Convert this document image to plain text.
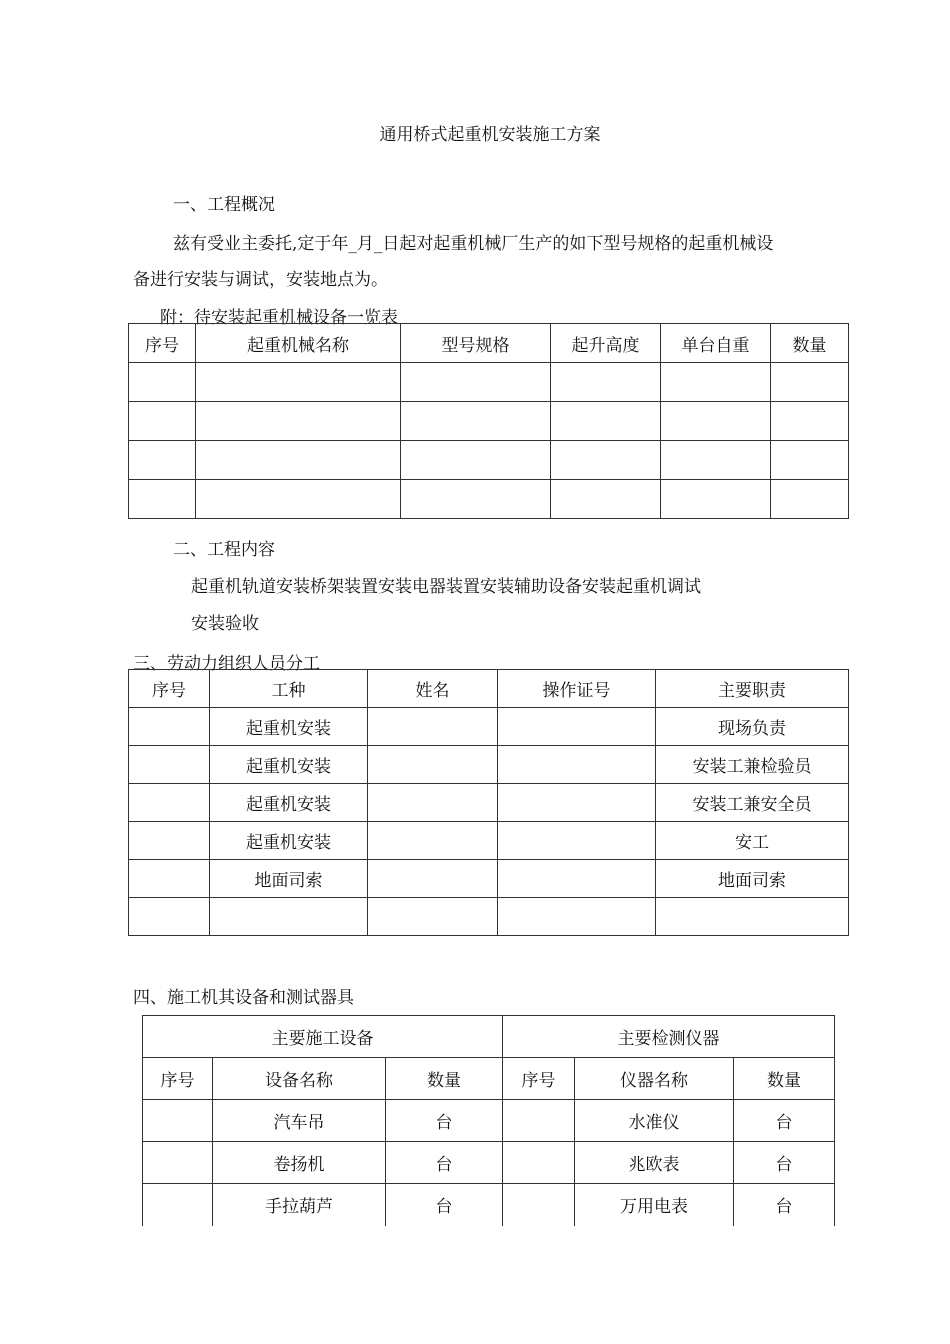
通用桥式起重机安装施工方案
一、工程概况
兹有受业主委托,定于年_月_日起对起重机械厂生产的如下型号规格的起重机械设
备进行安装与调试，安装地点为。
附：待安装起重机械设备一览表
序号	起重机械名称	型号规格	起升高度	单台自重	数量

二、工程内容
起重机轨道安装桥架装置安装电器装置安装辅助设备安装起重机调试
安装验收
三、劳动力组织人员分工
序号	工种	姓名	操作证号	主要职责
	起重机安装			现场负责
	起重机安装			安装工兼检验员
	起重机安装			安装工兼安全员
	起重机安装			安工
	地面司索			地面司索

四、施工机其设备和测试器具
主要施工设备			主要检测仪器		
序号	设备名称	数量	序号	仪器名称	数量
	汽车吊	台		水准仪	台
	卷扬机	台		兆欧表	台
	手拉葫芦	台		万用电表	台
